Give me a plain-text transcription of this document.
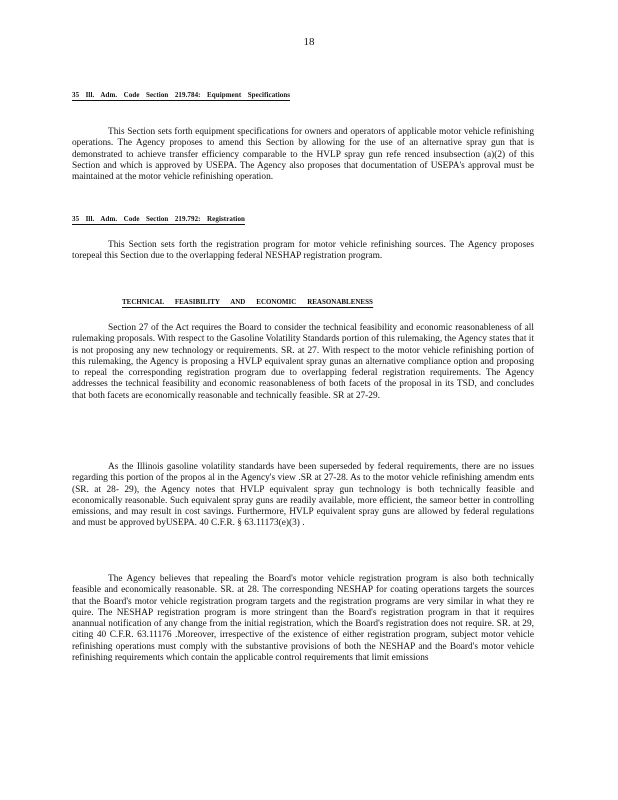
18
35 Ill. Adm. Code Section 219.784: Equipment Specifications

This Section sets forth equipment specifications for owners and operators of applicable motor vehicle refinishing operations. The Agency proposes to amend this Section by allowing for the use of an alternative spray gun that is demonstrated to achieve transfer efficiency comparable to the HVLP spray gun refe renced insubsection (a)(2) of this Section and which is approved by USEPA. The Agency also proposes that documentation of USEPA's approval must be maintained at the motor vehicle refinishing operation.

35 Ill. Adm. Code Section 219.792: Registration

This Section sets forth the registration program for motor vehicle refinishing sources. The Agency proposes torepeal this Section due to the overlapping federal NESHAP registration program.

TECHNICAL FEASIBILITY AND ECONOMIC REASONABLENESS

Section 27 of the Act requires the Board to consider the technical feasibility and economic reasonableness of all rulemaking proposals. With respect to the Gasoline Volatility Standards portion of this rulemaking, the Agency states that it is not proposing any new technology or requirements. SR. at 27. With respect to the motor vehicle refinishing portion of this rulemaking, the Agency is proposing a HVLP equivalent spray gunas an alternative compliance option and proposing to repeal the corresponding registration program due to overlapping federal registration requirements. The Agency addresses the technical feasibility and economic reasonableness of both facets of the proposal in its TSD, and concludes that both facets are economically reasonable and technically feasible. SR at 27-29.

As the Illinois gasoline volatility standards have been superseded by federal requirements, there are no issues regarding this portion of the propos al in the Agency's view .SR at 27-28. As to the motor vehicle refinishing amendm ents (SR. at 28- 29), the Agency notes that HVLP equivalent spray gun technology is both technically feasible and economically reasonable. Such equivalent spray guns are readily available, more efficient, the sameor better in controlling emissions, and may result in cost savings. Furthermore, HVLP equivalent spray guns are allowed by federal regulations and must be approved byUSEPA. 40 C.F.R. § 63.11173(e)(3) .

The Agency believes that repealing the Board's motor vehicle registration program is also both technically feasible and economically reasonable. SR. at 28. The corresponding NESHAP for coating operations targets the sources that the Board's motor vehicle registration program targets and the registration programs are very similar in what they re quire. The NESHAP registration program is more stringent than the Board's registration program in that it requires anannual notification of any change from the initial registration, which the Board's registration does not require. SR. at 29, citing 40 C.F.R. 63.11176 .Moreover, irrespective of the existence of either registration program, subject motor vehicle refinishing operations must comply with the substantive provisions of both the NESHAP and the Board's motor vehicle refinishing requirements which contain the applicable control requirements that limit emissions
